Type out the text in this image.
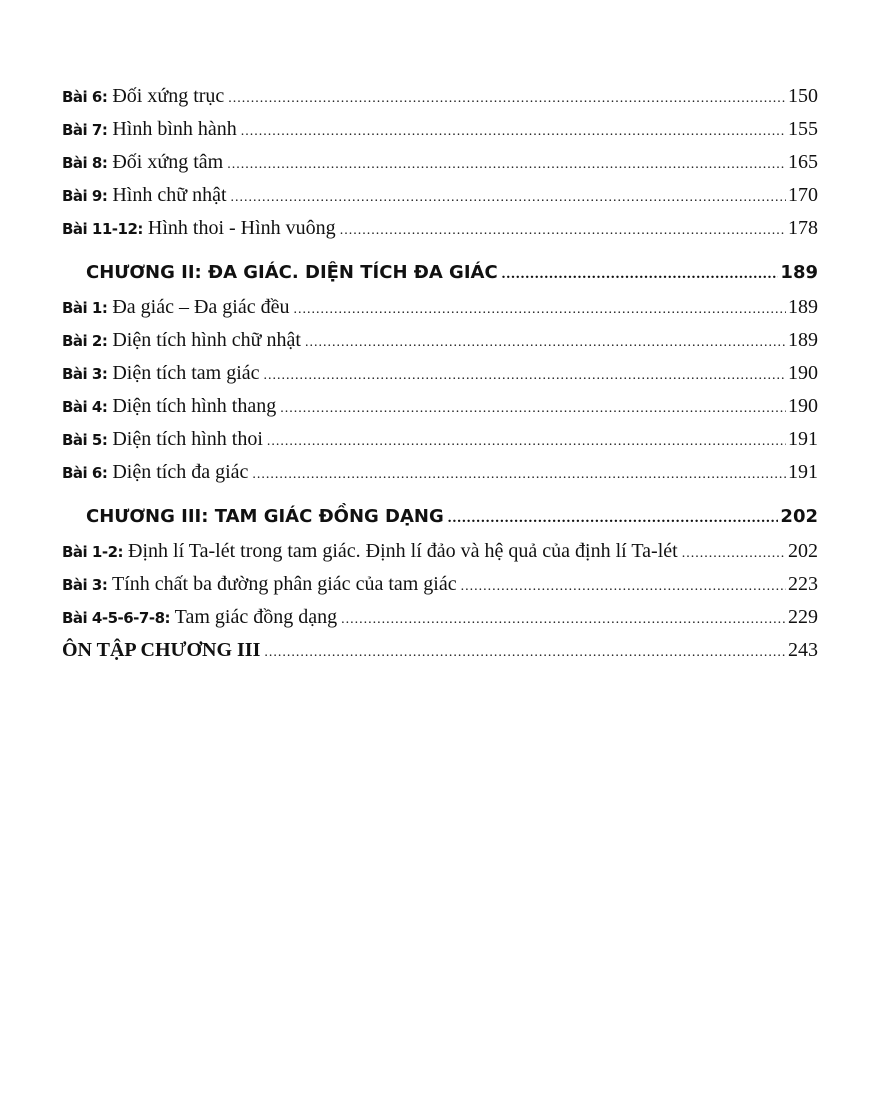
Bài 6: Đối xứng trục .....	150
Bài 7: Hình bình hành .....	155
Bài 8: Đối xứng tâm .....	165
Bài 9: Hình chữ nhật .....	170
Bài 11-12: Hình thoi - Hình vuông .....	178
CHƯƠNG II: ĐA GIÁC. DIỆN TÍCH ĐA GIÁC .....	189
Bài 1: Đa giác – Đa giác đều .....	189
Bài 2: Diện tích hình chữ nhật .....	189
Bài 3: Diện tích tam giác .....	190
Bài 4: Diện tích hình thang .....	190
Bài 5: Diện tích hình thoi .....	191
Bài 6: Diện tích đa giác .....	191
CHƯƠNG III: TAM GIÁC ĐỒNG DẠNG .....	202
Bài 1-2: Định lí Ta-lét trong tam giác. Định lí đảo và hệ quả của định lí Ta-lét .....	202
Bài 3: Tính chất ba đường phân giác của tam giác .....	223
Bài 4-5-6-7-8: Tam giác đồng dạng .....	229
ÔN TẬP CHƯƠNG III .....	243
